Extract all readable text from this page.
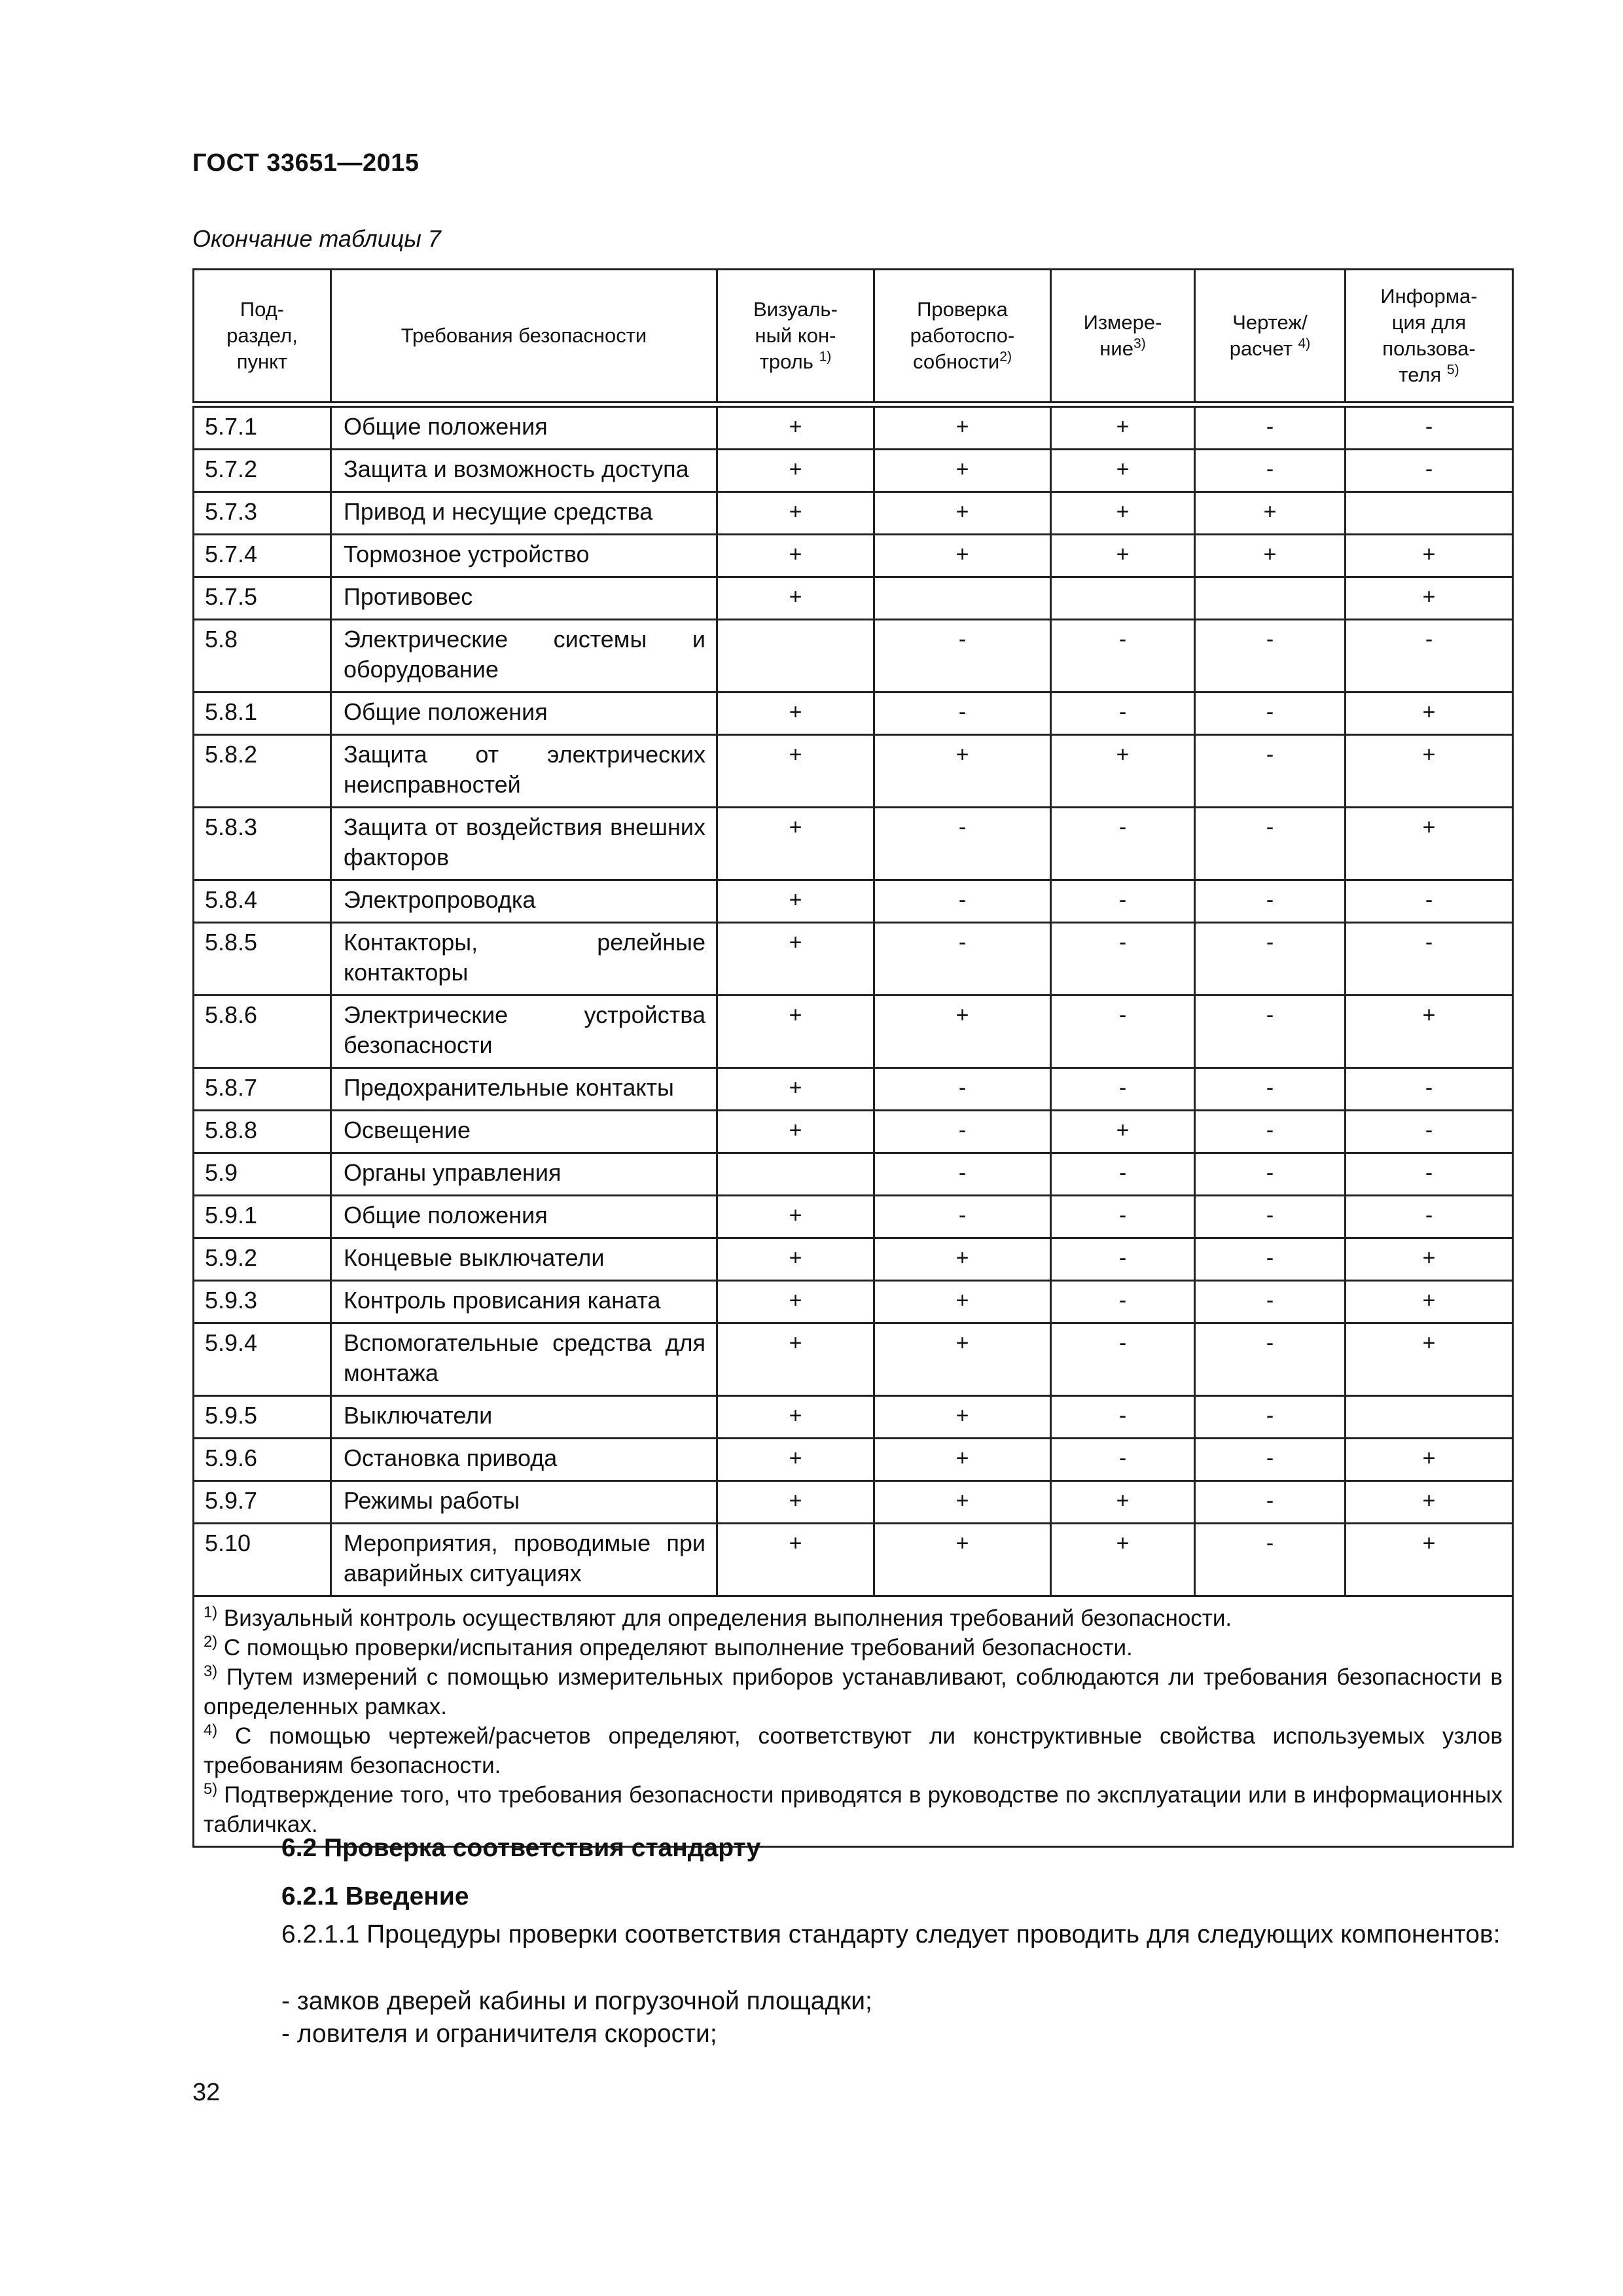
ГОСТ 33651—2015
Окончание таблицы 7
Под-
раздел,
пункт	Требования безопасности	Визуаль-
ный кон-
троль $^{1)}$	Проверка
работоспо-
собности$^{2)}$	Измере-
ние$^{3)}$	Чертеж/
расчет $^{4)}$	Информа-
ция для
пользова-
теля $^{5)}$
5.7.1	Общие положения	+	+	+	-	-
5.7.2	Защита и возможность доступа	+	+	+	-	-
5.7.3	Привод и несущие средства	+	+	+	+	
5.7.4	Тормозное устройство	+	+	+	+	+
5.7.5	Противовес	+				+
5.8	Электрические системы и оборудование		-	-	-	-
5.8.1	Общие положения	+	-	-	-	+
5.8.2	Защита от электрических неисправностей	+	+	+	-	+
5.8.3	Защита от воздействия внешних факторов	+	-	-	-	+
5.8.4	Электропроводка	+	-	-	-	-
5.8.5	Контакторы, релейные контакторы	+	-	-	-	-
5.8.6	Электрические устройства безопасности	+	+	-	-	+
5.8.7	Предохранительные контакты	+	-	-	-	-
5.8.8	Освещение	+	-	+	-	-
5.9	Органы управления		-	-	-	-
5.9.1	Общие положения	+	-	-	-	-
5.9.2	Концевые выключатели	+	+	-	-	+
5.9.3	Контроль провисания каната	+	+	-	-	+
5.9.4	Вспомогательные средства для монтажа	+	+	-	-	+
5.9.5	Выключатели	+	+	-	-	
5.9.6	Остановка привода	+	+	-	-	+
5.9.7	Режимы работы	+	+	+	-	+
5.10	Мероприятия, проводимые при аварийных ситуациях	+	+	+	-	+

$^{1)}$ Визуальный контроль осуществляют для определения выполнения требований безопасности.
$^{2)}$ С помощью проверки/испытания определяют выполнение требований безопасности.
$^{3)}$ Путем измерений с помощью измерительных приборов устанавливают, соблюдаются ли требования безопасности в определенных рамках.
$^{4)}$ С помощью чертежей/расчетов определяют, соответствуют ли конструктивные свойства используемых узлов требованиям безопасности.
$^{5)}$ Подтверждение того, что требования безопасности приводятся в руководстве по эксплуатации или в информационных табличках.						
6.2 Проверка соответствия стандарту
6.2.1 Введение
6.2.1.1 Процедуры проверки соответствия стандарту следует проводить для следующих компонентов:
- замков дверей кабины и погрузочной площадки;
- ловителя и ограничителя скорости;
32
